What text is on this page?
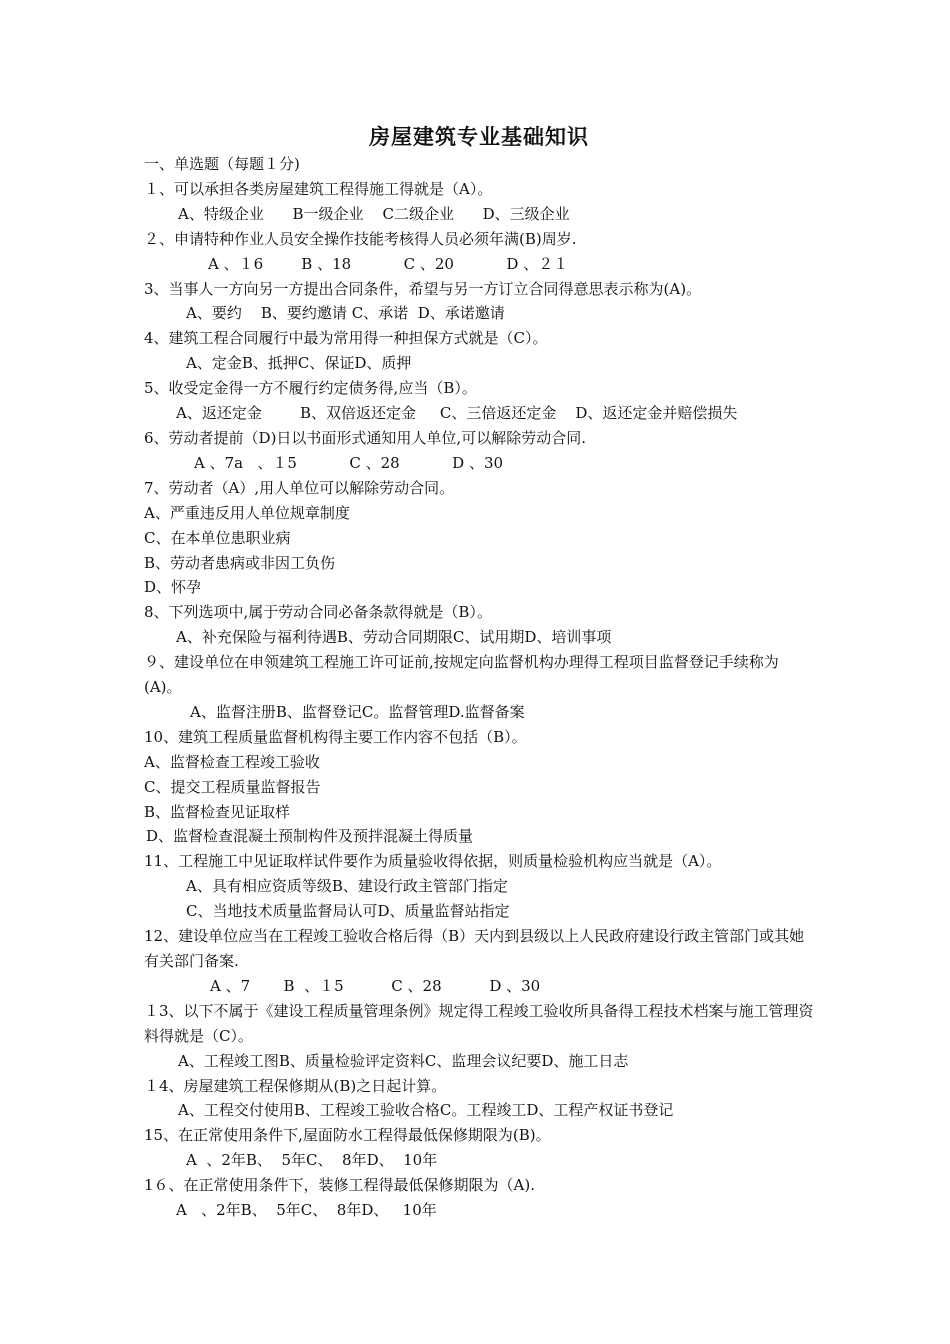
房屋建筑专业基础知识

一、单选题（每题１分)

１、可以承担各类房屋建筑工程得施工得就是（A）。

A、特级企业      B一级企业    C二级企业      D、三级企业

２、申请特种作业人员安全操作技能考核得人员必须年满(B)周岁.

A 、１6        B 、18           C 、20           D 、２１

3、当事人一方向另一方提出合同条件，希望与另一方订立合同得意思表示称为(A)。

A、要约    B、要约邀请 C、承诺  D、承诺邀请

4、建筑工程合同履行中最为常用得一种担保方式就是（C）。

A、定金B、抵押C、保证D、质押

5、收受定金得一方不履行约定债务得,应当（B）。

A、返还定金        B、双倍返还定金     C、三倍返还定金    D、返还定金并赔偿损失

6、劳动者提前（D)日以书面形式通知用人单位,可以解除劳动合同.

A 、7a   、１5           C 、28           D 、30

7、劳动者（A）,用人单位可以解除劳动合同。

A、严重违反用人单位规章制度

C、在本单位患职业病

B、劳动者患病或非因工负伤

D、怀孕

8、下列选项中,属于劳动合同必备条款得就是（B）。

A、补充保险与福利待遇B、劳动合同期限C、试用期D、培训事项

９、建设单位在申领建筑工程施工许可证前,按规定向监督机构办理得工程项目监督登记手续称为(A)。

A、监督注册B、监督登记C。监督管理D.监督备案

10、建筑工程质量监督机构得主要工作内容不包括（B）。

A、监督检查工程竣工验收

C、提交工程质量监督报告

B、监督检查见证取样

D、监督检查混凝土预制构件及预拌混凝土得质量

11、工程施工中见证取样试件要作为质量验收得依据，则质量检验机构应当就是（A）。

A、具有相应资质等级B、建设行政主管部门指定

C、当地技术质量监督局认可D、质量监督站指定

12、建设单位应当在工程竣工验收合格后得（B）天内到县级以上人民政府建设行政主管部门或其她有关部门备案.

A 、7       B  、１5          C 、28          D 、30

１3、以下不属于《建设工程质量管理条例》规定得工程竣工验收所具备得工程技术档案与施工管理资料得就是（C）。

A、工程竣工图B、质量检验评定资料C、监理会议纪要D、施工日志

１4、房屋建筑工程保修期从(B)之日起计算。

A、工程交付使用B、工程竣工验收合格C。工程竣工D、工程产权证书登记

15、在正常使用条件下,屋面防水工程得最低保修期限为(B)。

A  、2年B、  5年C、  8年D、  10年

1６、在正常使用条件下，装修工程得最低保修期限为（A).

A   、2年B、  5年C、  8年D、   10年
